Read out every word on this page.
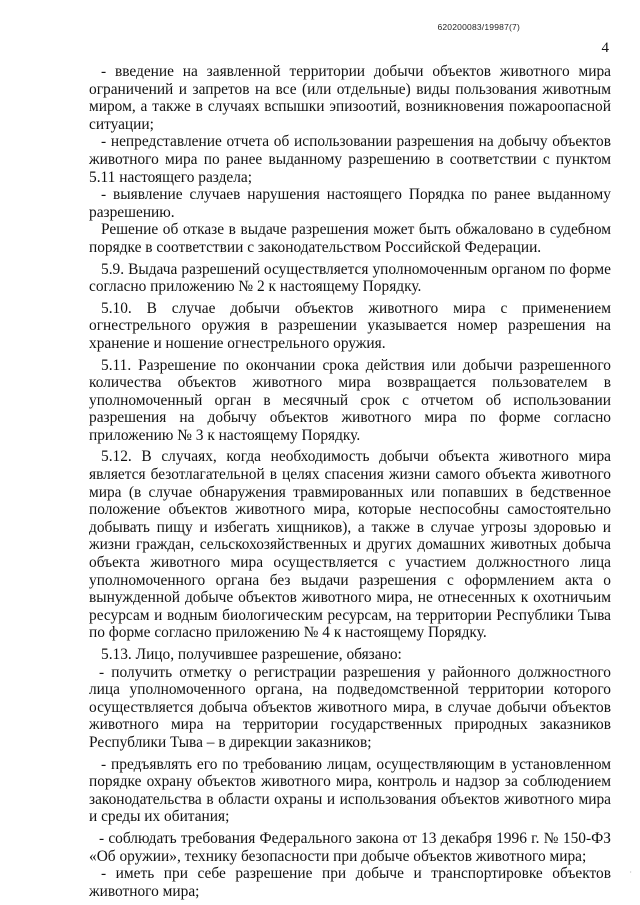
620200083/19987(7)
4

- введение на заявленной территории добычи объектов животного мира ограничений и запретов на все (или отдельные) виды пользования животным миром, а также в случаях вспышки эпизоотий, возникновения пожароопасной ситуации;

- непредставление отчета об использовании разрешения на добычу объектов животного мира по ранее выданному разрешению в соответствии с пунктом 5.11 настоящего раздела;

- выявление случаев нарушения настоящего Порядка по ранее выданному разрешению.

Решение об отказе в выдаче разрешения может быть обжаловано в судебном порядке в соответствии с законодательством Российской Федерации.

5.9. Выдача разрешений осуществляется уполномоченным органом по форме согласно приложению № 2 к настоящему Порядку.

5.10. В случае добычи объектов животного мира с применением огнестрельного оружия в разрешении указывается номер разрешения на хранение и ношение огнестрельного оружия.

5.11. Разрешение по окончании срока действия или добычи разрешенного количества объектов животного мира возвращается пользователем в уполномоченный орган в месячный срок с отчетом об использовании разрешения на добычу объектов животного мира по форме согласно приложению № 3 к настоящему Порядку.

5.12. В случаях, когда необходимость добычи объекта животного мира является безотлагательной в целях спасения жизни самого объекта животного мира (в случае обнаружения травмированных или попавших в бедственное положение объектов животного мира, которые неспособны самостоятельно добывать пищу и избегать хищников), а также в случае угрозы здоровью и жизни граждан, сельскохозяйственных и других домашних животных добыча объекта животного мира осуществляется с участием должностного лица уполномоченного органа без выдачи разрешения с оформлением акта о вынужденной добыче объектов животного мира, не отнесенных к охотничьим ресурсам и водным биологическим ресурсам, на территории Республики Тыва по форме согласно приложению № 4 к настоящему Порядку.

5.13. Лицо, получившее разрешение, обязано:

- получить отметку о регистрации разрешения у районного должностного лица уполномоченного органа, на подведомственной территории которого осуществляется добыча объектов животного мира, в случае добычи объектов животного мира на территории государственных природных заказников Республики Тыва – в дирекции заказников;

- предъявлять его по требованию лицам, осуществляющим в установленном порядке охрану объектов животного мира, контроль и надзор за соблюдением законодательства в области охраны и использования объектов животного мира и среды их обитания;

- соблюдать требования Федерального закона от 13 декабря 1996 г. № 150-ФЗ «Об оружии», технику безопасности при добыче объектов животного мира;

- иметь при себе разрешение при добыче и транспортировке объектов животного мира;

·
